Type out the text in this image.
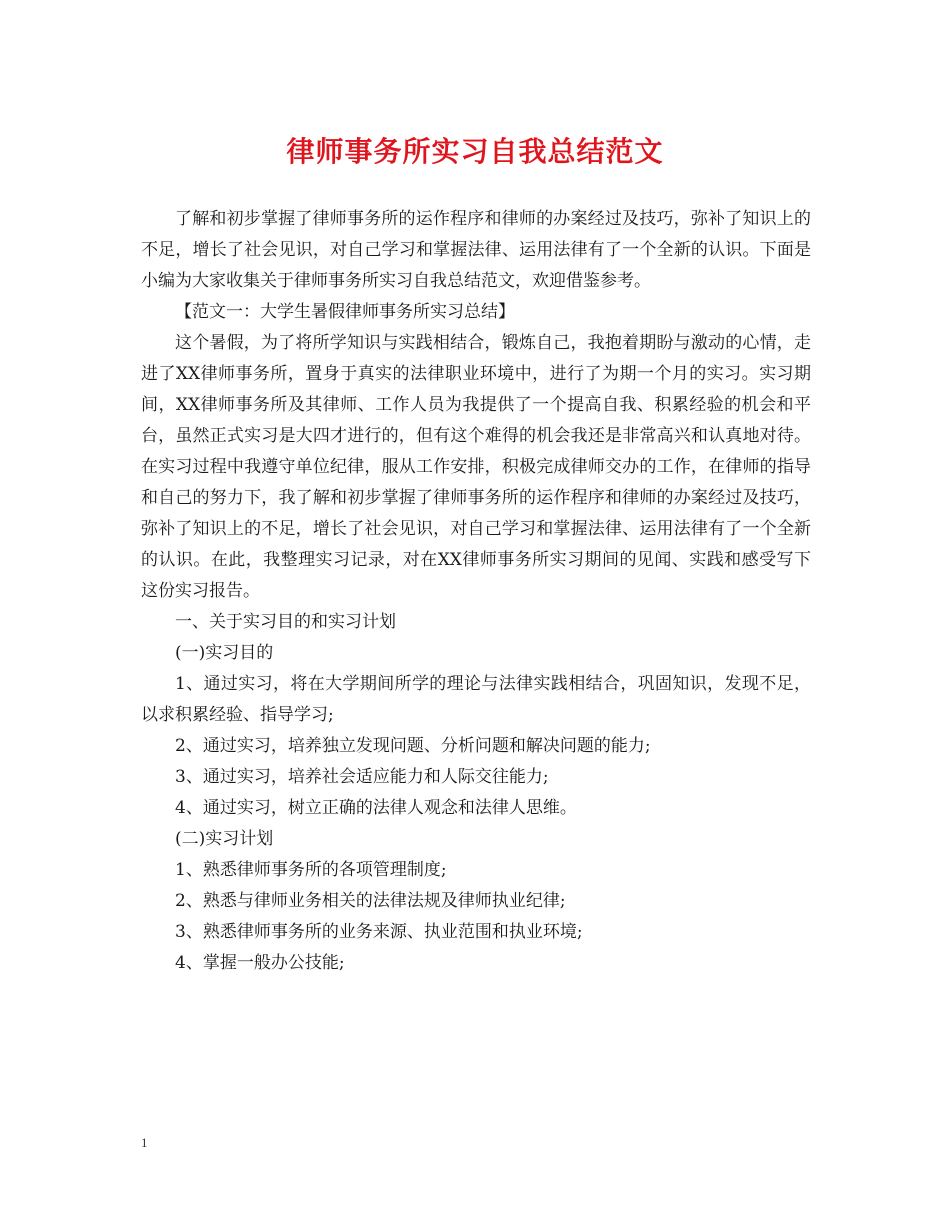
律师事务所实习自我总结范文

了解和初步掌握了律师事务所的运作程序和律师的办案经过及技巧，弥补了知识上的不足，增长了社会见识，对自己学习和掌握法律、运用法律有了一个全新的认识。下面是小编为大家收集关于律师事务所实习自我总结范文，欢迎借鉴参考。

【范文一：大学生暑假律师事务所实习总结】

这个暑假，为了将所学知识与实践相结合，锻炼自己，我抱着期盼与激动的心情，走进了XX律师事务所，置身于真实的法律职业环境中，进行了为期一个月的实习。实习期间，XX律师事务所及其律师、工作人员为我提供了一个提高自我、积累经验的机会和平台，虽然正式实习是大四才进行的，但有这个难得的机会我还是非常高兴和认真地对待。在实习过程中我遵守单位纪律，服从工作安排，积极完成律师交办的工作，在律师的指导和自己的努力下，我了解和初步掌握了律师事务所的运作程序和律师的办案经过及技巧，弥补了知识上的不足，增长了社会见识，对自己学习和掌握法律、运用法律有了一个全新的认识。在此，我整理实习记录，对在XX律师事务所实习期间的见闻、实践和感受写下这份实习报告。

一、关于实习目的和实习计划

(一)实习目的

1、通过实习，将在大学期间所学的理论与法律实践相结合，巩固知识，发现不足，以求积累经验、指导学习;

2、通过实习，培养独立发现问题、分析问题和解决问题的能力;

3、通过实习，培养社会适应能力和人际交往能力;

4、通过实习，树立正确的法律人观念和法律人思维。

(二)实习计划

1、熟悉律师事务所的各项管理制度;

2、熟悉与律师业务相关的法律法规及律师执业纪律;

3、熟悉律师事务所的业务来源、执业范围和执业环境;

4、掌握一般办公技能;

1
